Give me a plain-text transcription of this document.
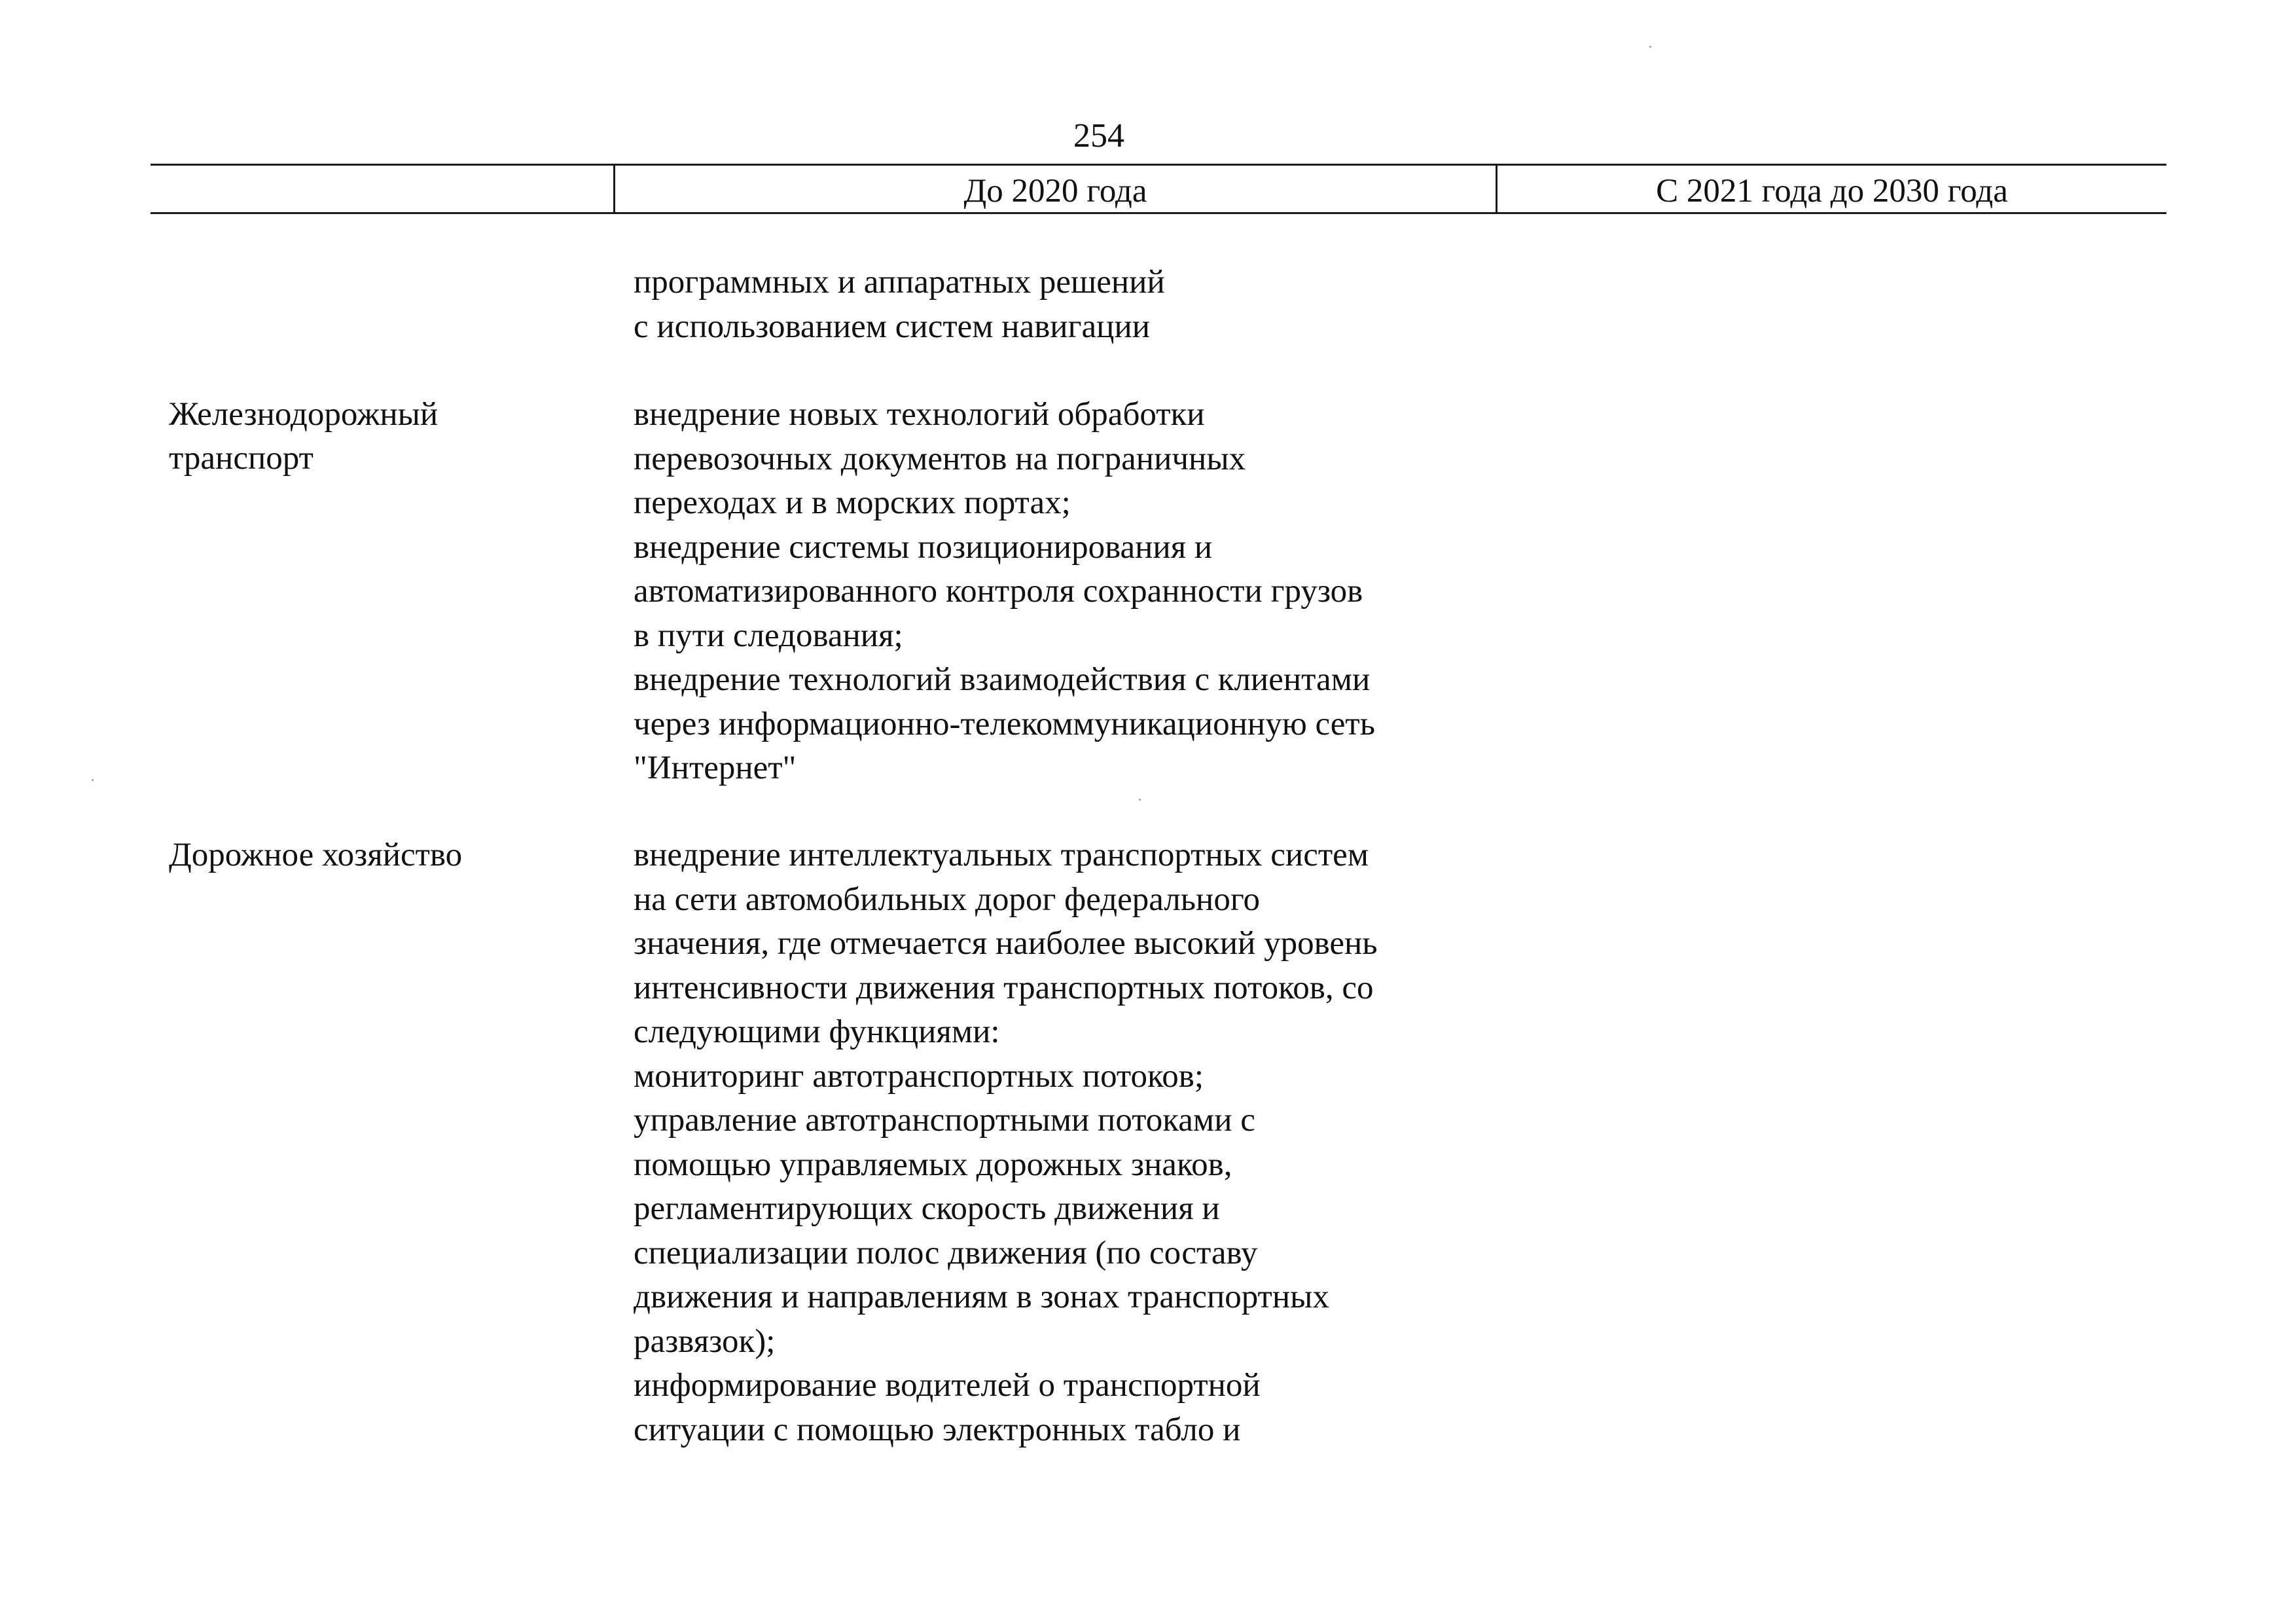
254
До 2020 года	С 2021 года до 2030 года
программных и аппаратных решений
с использованием систем навигации
Железнодорожный
транспорт
внедрение новых технологий обработки
перевозочных документов на пограничных
переходах и в морских портах;
внедрение системы позиционирования и
автоматизированного контроля сохранности грузов
в пути следования;
внедрение технологий взаимодействия с клиентами
через информационно-телекоммуникационную сеть
"Интернет"
Дорожное хозяйство	внедрение интеллектуальных транспортных систем
на сети автомобильных дорог федерального
значения, где отмечается наиболее высокий уровень
интенсивности движения транспортных потоков, со
следующими функциями:
мониторинг автотранспортных потоков;
управление автотранспортными потоками с
помощью управляемых дорожных знаков,
регламентирующих скорость движения и
специализации полос движения (по составу
движения и направлениям в зонах транспортных
развязок);
информирование водителей о транспортной
ситуации с помощью электронных табло и
